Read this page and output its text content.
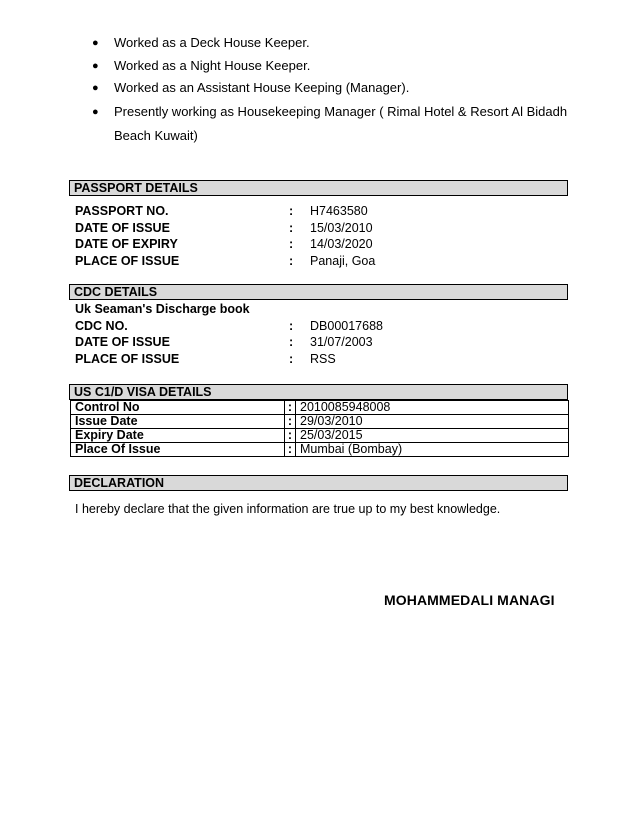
● Worked as a Deck House Keeper.
● Worked as a Night House Keeper.
● Worked as an Assistant House Keeping (Manager).
● Presently working as Housekeeping Manager ( Rimal Hotel & Resort Al Bidadh Beach Kuwait)
PASSPORT DETAILS
PASSPORT NO.	: H7463580
DATE OF ISSUE	: 15/03/2010
DATE OF EXPIRY	: 14/03/2020
PLACE OF ISSUE	: Panaji, Goa
CDC DETAILS
Uk Seaman's Discharge book
CDC NO.	: DB00017688
DATE OF ISSUE	: 31/07/2003
PLACE OF ISSUE	: RSS
US C1/D VISA DETAILS
Control No	:	2010085948008
Issue Date	:	29/03/2010
Expiry Date	:	25/03/2015
Place Of Issue	:	Mumbai (Bombay)
DECLARATION
I hereby declare that the given information are true up to my best knowledge.
MOHAMMEDALI MANAGI
